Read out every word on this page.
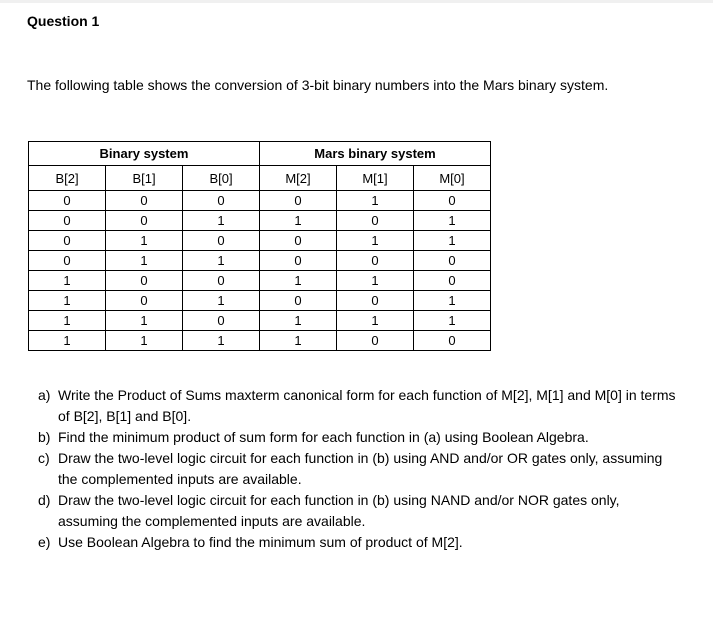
Question 1
The following table shows the conversion of 3-bit binary numbers into the Mars binary system.
Binary system			Mars binary system		
B[2]	B[1]	B[0]	M[2]	M[1]	M[0]
0	0	0	0	1	0
0	0	1	1	0	1
0	1	0	0	1	1
0	1	1	0	0	0
1	0	0	1	1	0
1	0	1	0	0	1
1	1	0	1	1	1
1	1	1	1	0	0
a) Write the Product of Sums maxterm canonical form for each function of M[2], M[1] and M[0] in terms of B[2], B[1] and B[0].
b) Find the minimum product of sum form for each function in (a) using Boolean Algebra.
c) Draw the two-level logic circuit for each function in (b) using AND and/or OR gates only, assuming the complemented inputs are available.
d) Draw the two-level logic circuit for each function in (b) using NAND and/or NOR gates only, assuming the complemented inputs are available.
e) Use Boolean Algebra to find the minimum sum of product of M[2].
